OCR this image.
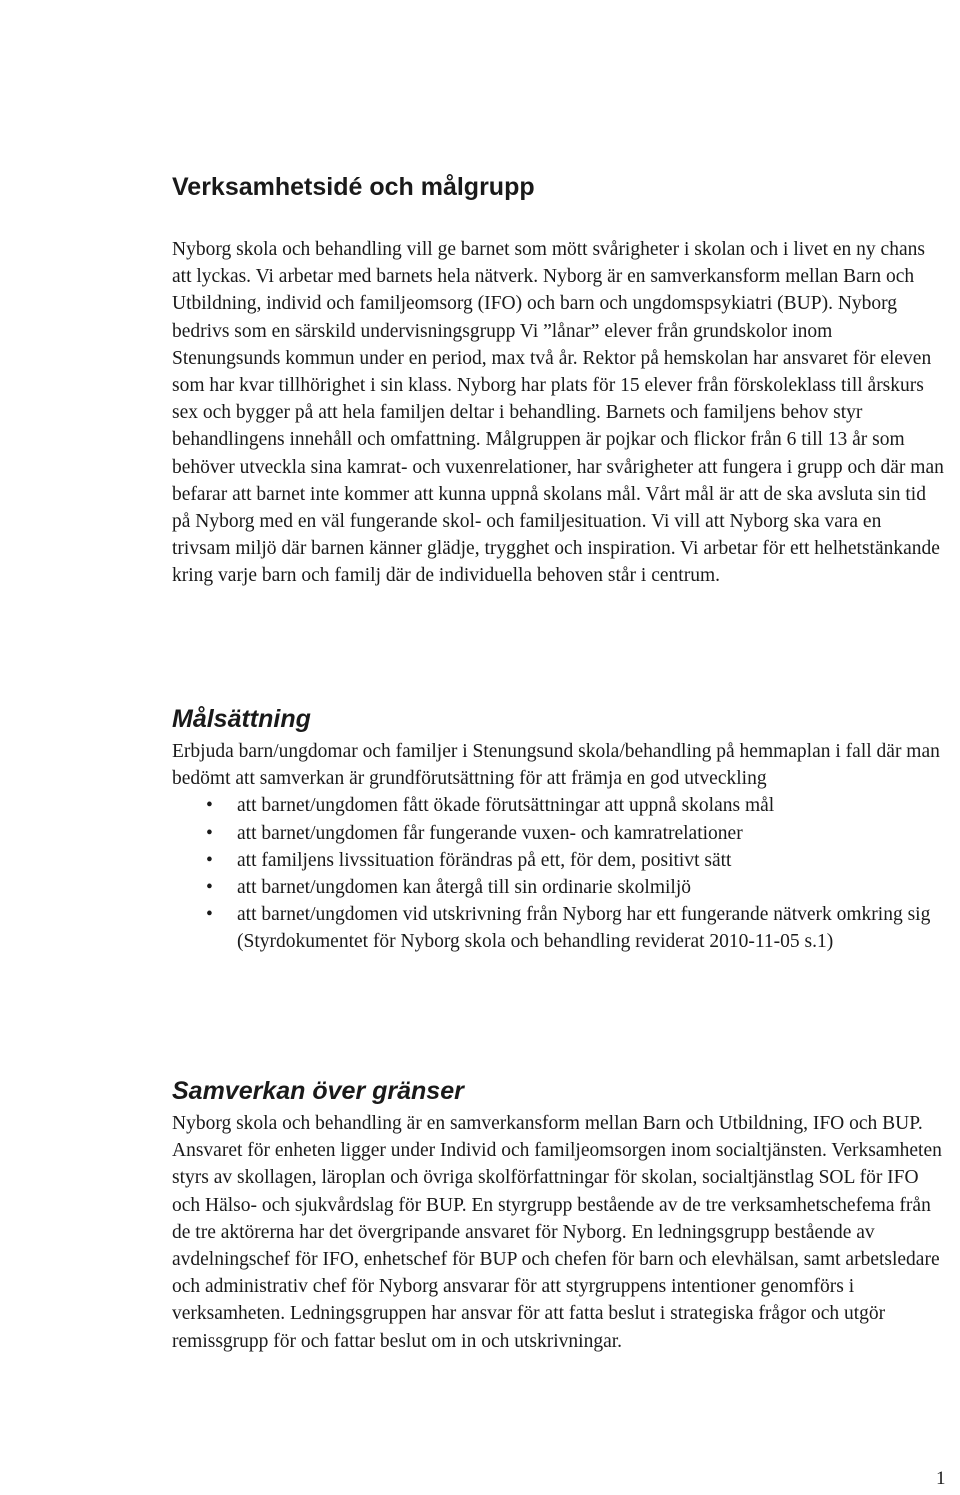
Verksamhetsidé och målgrupp

Nyborg skola och behandling vill ge barnet som mött svårigheter i skolan och i livet en ny chans att lyckas. Vi arbetar med barnets hela nätverk. Nyborg är en samverkansform mellan Barn och Utbildning, individ och familjeomsorg (IFO) och barn och ungdomspsykiatri (BUP). Nyborg bedrivs som en särskild undervisningsgrupp Vi ”lånar” elever från grundskolor inom Stenungsunds kommun under en period, max två år. Rektor på hemskolan har ansvaret för eleven som har kvar tillhörighet i sin klass. Nyborg har plats för 15 elever från förskoleklass till årskurs sex och bygger på att hela familjen deltar i behandling. Barnets och familjens behov styr behandlingens innehåll och omfattning. Målgruppen är pojkar och flickor från 6 till 13 år som behöver utveckla sina kamrat- och vuxenrelationer, har svårigheter att fungera i grupp och där man befarar att barnet inte kommer att kunna uppnå skolans mål. Vårt mål är att de ska avsluta sin tid på Nyborg med en väl fungerande skol- och familjesituation. Vi vill att Nyborg ska vara en trivsam miljö där barnen känner glädje, trygghet och inspiration. Vi arbetar för ett helhetstänkande kring varje barn och familj där de individuella behoven står i centrum.

Målsättning

Erbjuda barn/ungdomar och familjer i Stenungsund skola/behandling på hemmaplan i fall där man bedömt att samverkan är grundförutsättning för att främja en god utveckling

• att barnet/ungdomen fått ökade förutsättningar att uppnå skolans mål
• att barnet/ungdomen får fungerande vuxen- och kamratrelationer
• att familjens livssituation förändras på ett, för dem, positivt sätt
• att barnet/ungdomen kan återgå till sin ordinarie skolmiljö
• att barnet/ungdomen vid utskrivning från Nyborg har ett fungerande nätverk omkring sig

(Styrdokumentet för Nyborg skola och behandling reviderat 2010-11-05 s.1)

Samverkan över gränser

Nyborg skola och behandling är en samverkansform mellan Barn och Utbildning, IFO och BUP. Ansvaret för enheten ligger under Individ och familjeomsorgen inom socialtjänsten. Verksamheten styrs av skollagen, läroplan och övriga skolförfattningar för skolan, socialtjänstlag SOL för IFO och Hälso- och sjukvårdslag för BUP. En styrgrupp bestående av de tre verksamhetschefema från de tre aktörerna har det övergripande ansvaret för Nyborg. En ledningsgrupp bestående av avdelningschef för IFO, enhetschef för BUP och chefen för barn och elevhälsan, samt arbetsledare och administrativ chef för Nyborg ansvarar för att styrgruppens intentioner genomförs i verksamheten. Ledningsgruppen har ansvar för att fatta beslut i strategiska frågor och utgör remissgrupp för och fattar beslut om in och utskrivningar.

1
